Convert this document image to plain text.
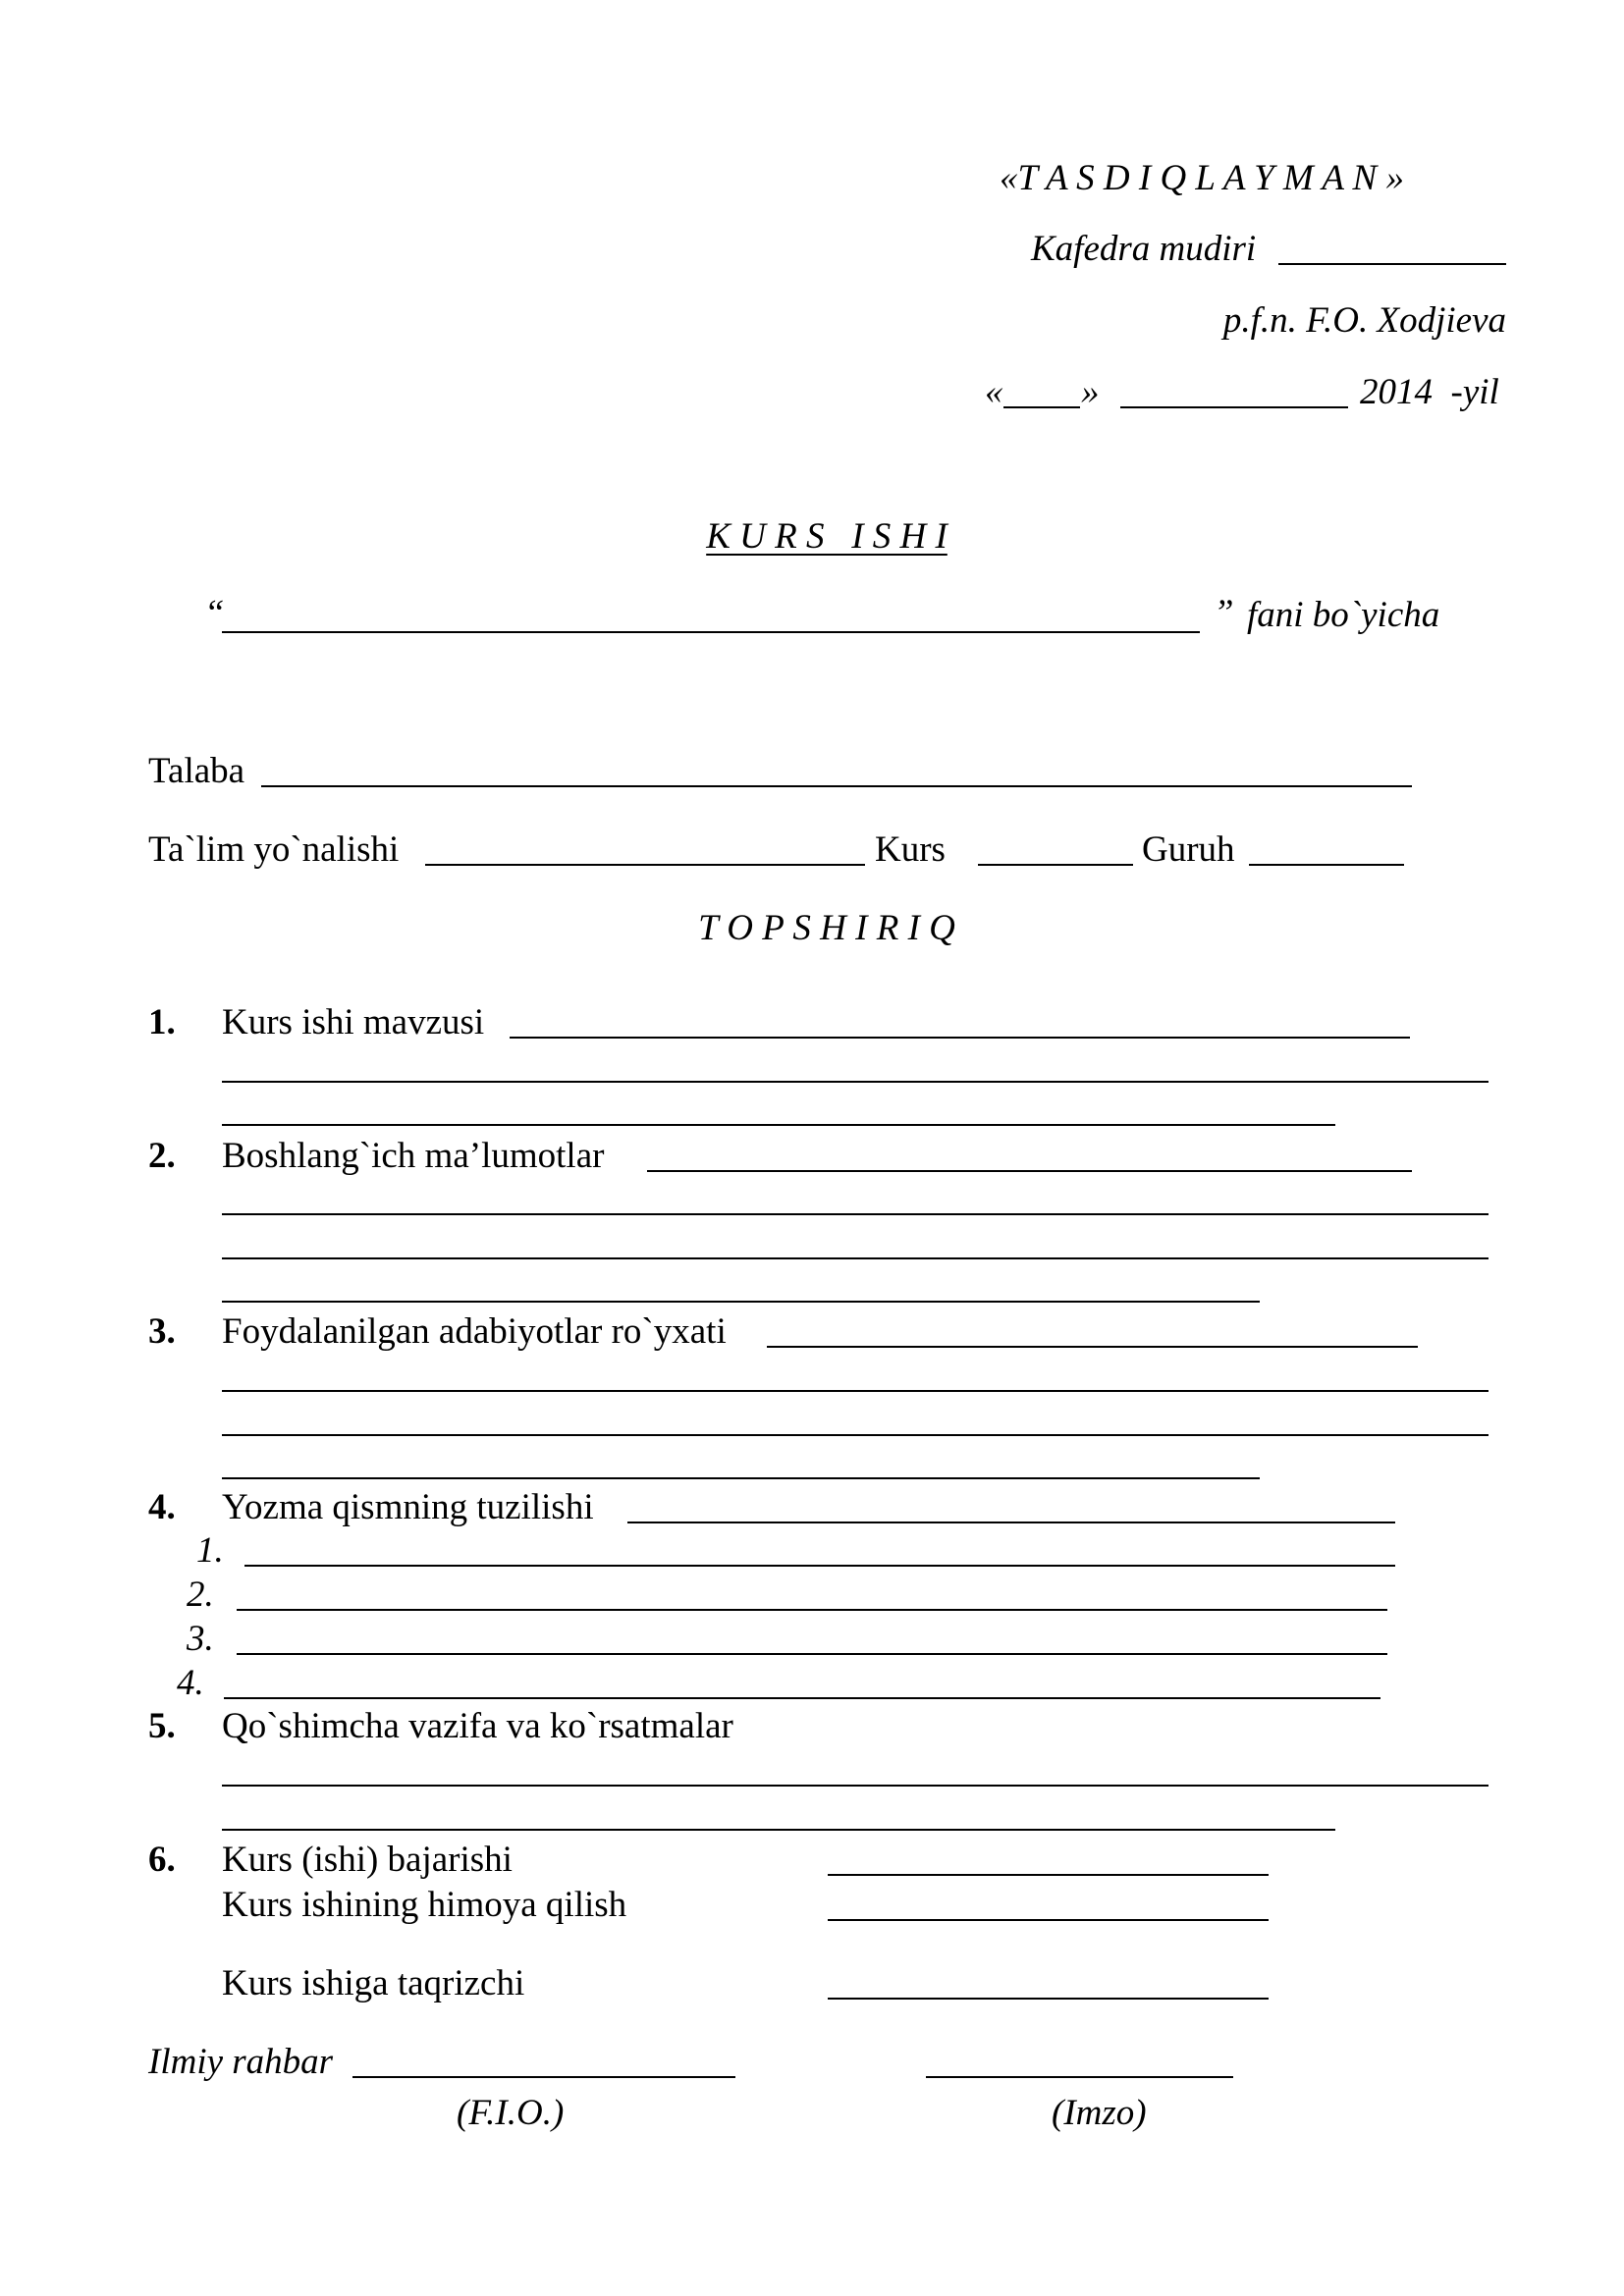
«T A S D I Q L A Y M A N »
Kafedra mudiri
p.f.n. F.O. Xodjieva
« »	2014  -yil
K U R S   I S H I
“	” fani bo`yicha
Talaba
Ta`lim yo`nalishi	Kurs	Guruh
T O P S H I R I Q
1. Kurs ishi mavzusi
2. Boshlang`ich ma’lumotlar
3. Foydalanilgan adabiyotlar ro`yxati
4. Yozma qismning tuzilishi
1.
2.
3.
4.
5. Qo`shimcha vazifa va ko`rsatmalar
6. Kurs (ishi) bajarishi
Kurs ishining himoya qilish
Kurs ishiga taqrizchi
Ilmiy rahbar
(F.I.O.)	(Imzo)
